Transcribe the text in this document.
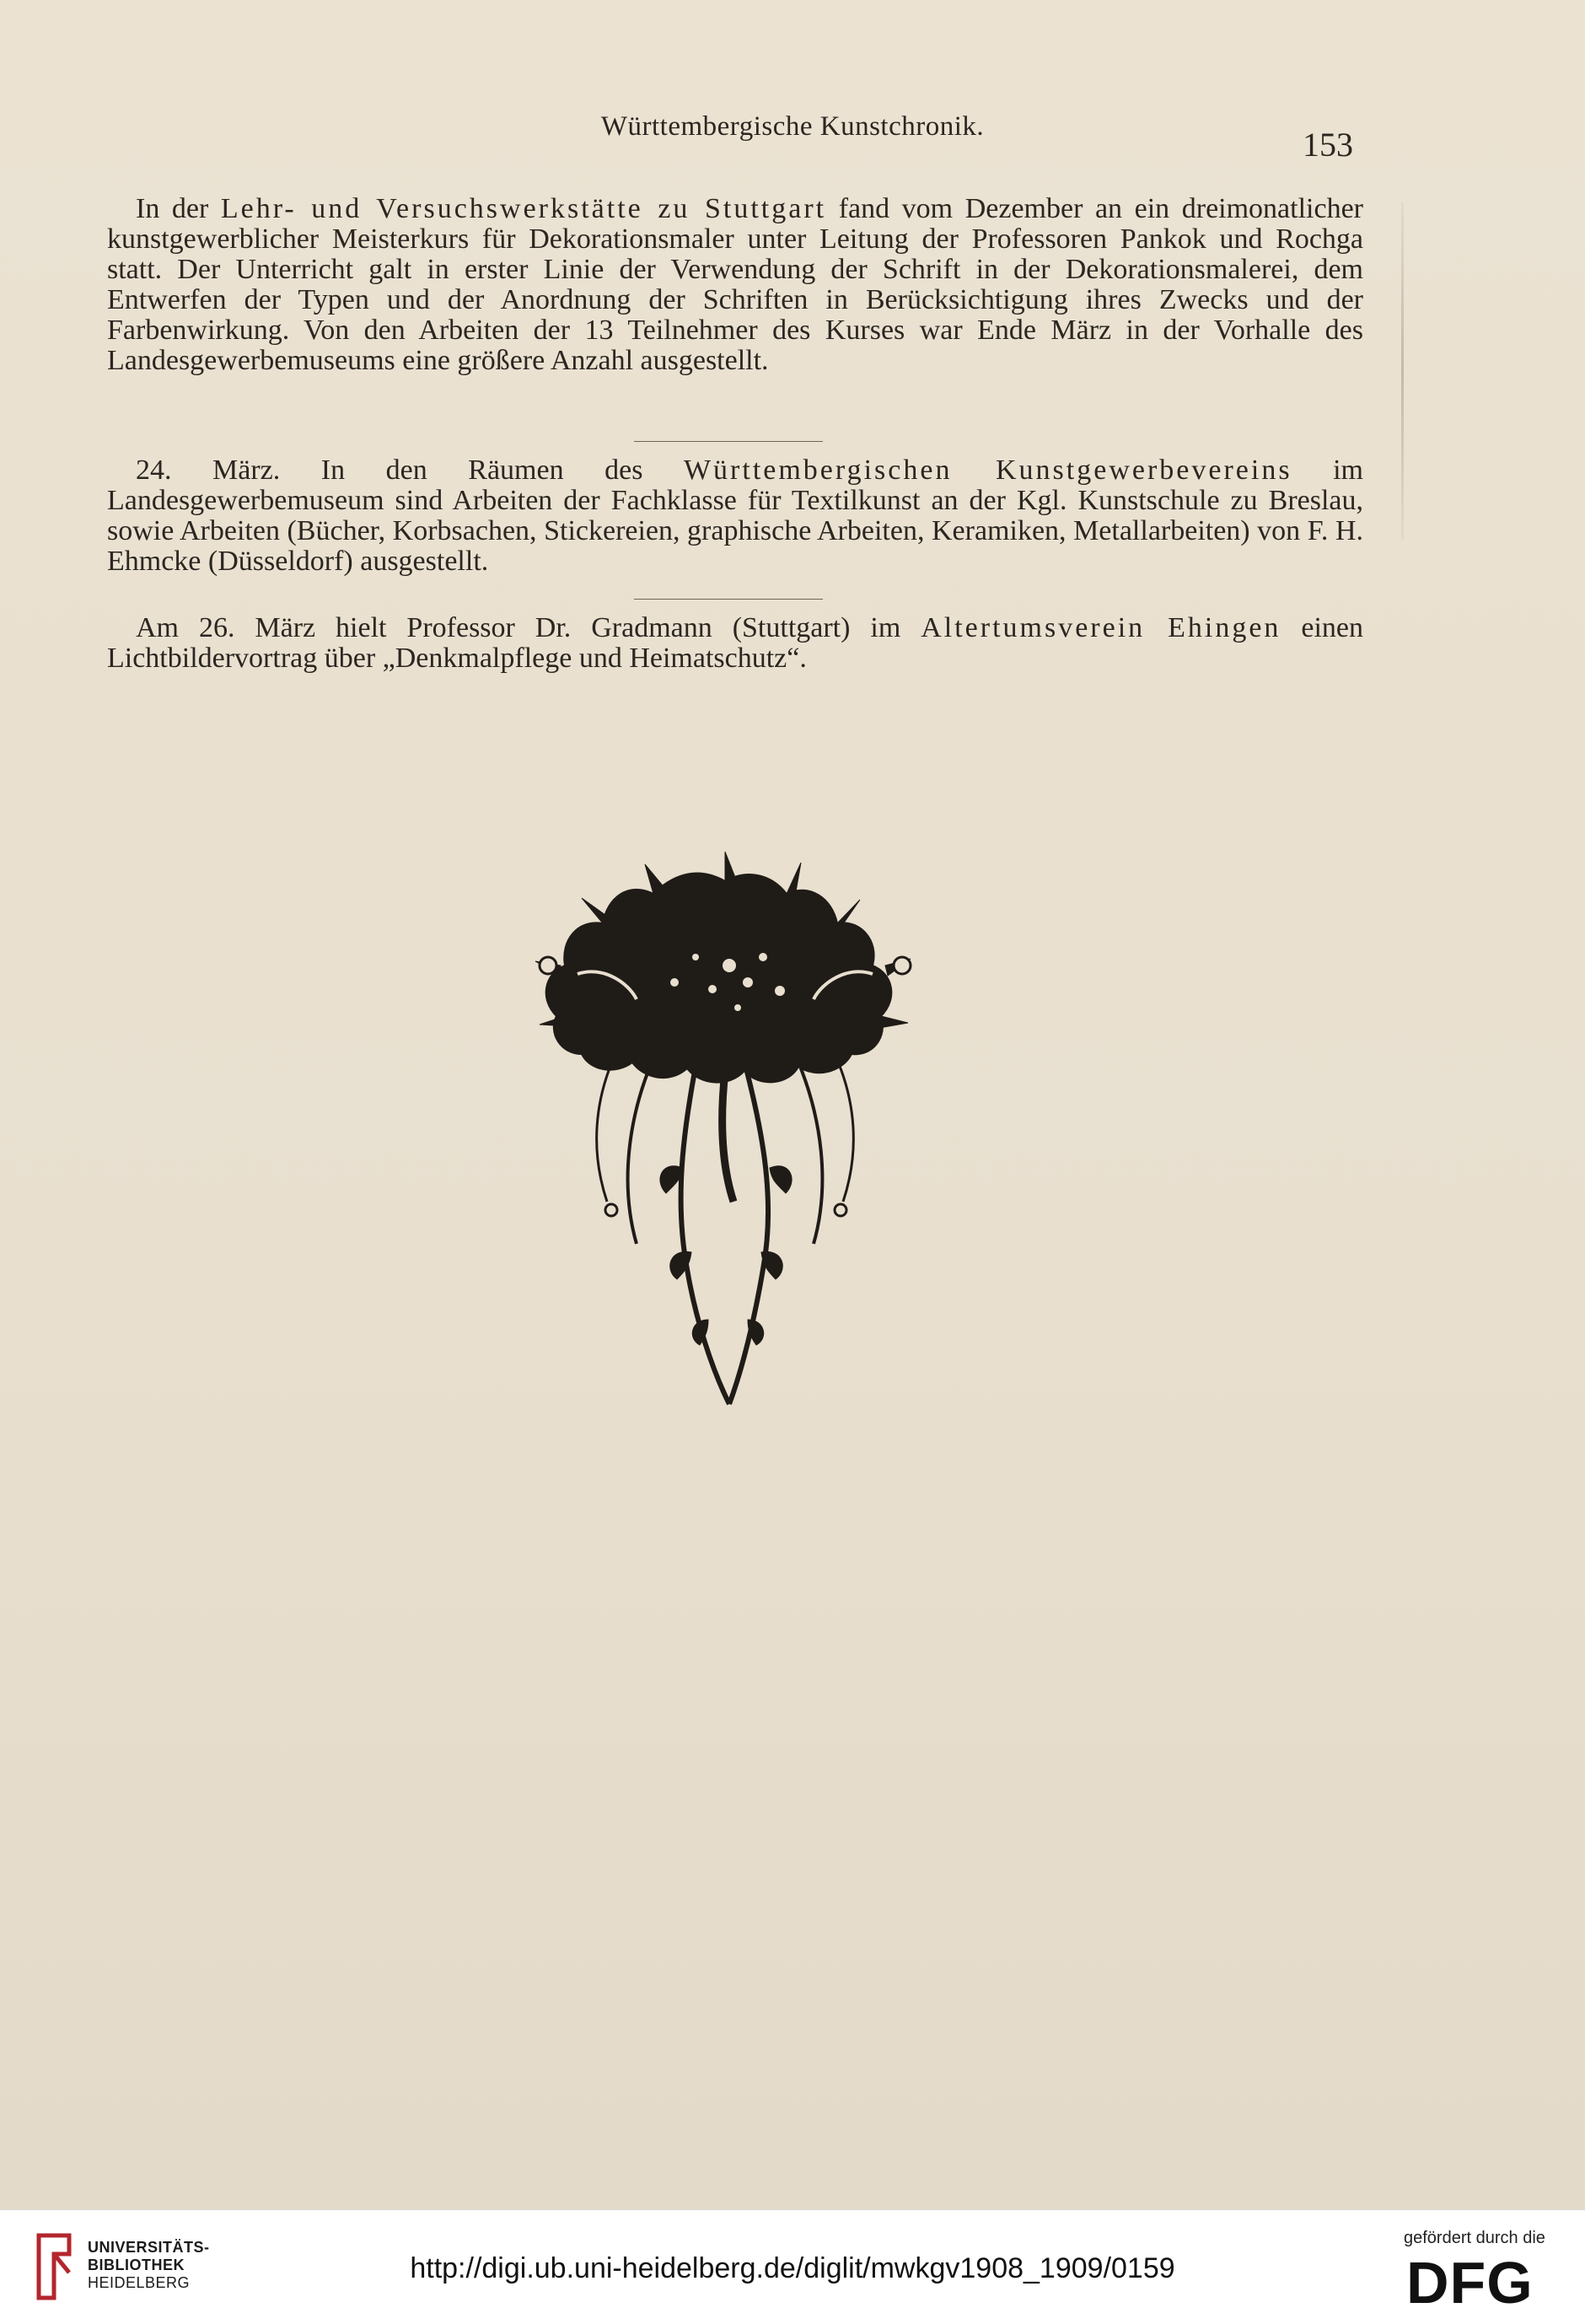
Württembergische Kunstchronik.	153

In der Lehr- und Versuchswerkstätte zu Stuttgart fand vom Dezember an ein dreimonatlicher kunstgewerblicher Meisterkurs für Dekorationsmaler unter Leitung der Professoren Pankok und Rochga statt. Der Unterricht galt in erster Linie der Verwendung der Schrift in der Dekorationsmalerei, dem Entwerfen der Typen und der Anordnung der Schriften in Berücksichtigung ihres Zwecks und der Farbenwirkung. Von den Arbeiten der 13 Teilnehmer des Kurses war Ende März in der Vorhalle des Landesgewerbemuseums eine größere Anzahl ausgestellt.

24. März. In den Räumen des Württembergischen Kunstgewerbevereins im Landesgewerbemuseum sind Arbeiten der Fachklasse für Textilkunst an der Kgl. Kunstschule zu Breslau, sowie Arbeiten (Bücher, Korbsachen, Stickereien, graphische Arbeiten, Keramiken, Metallarbeiten) von F. H. Ehmcke (Düsseldorf) ausgestellt.

Am 26. März hielt Professor Dr. Gradmann (Stuttgart) im Altertumsverein Ehingen einen Lichtbildervortrag über „Denkmalpflege und Heimatschutz“.

UNIVERSITÄTS-
BIBLIOTHEK
HEIDELBERG	http://digi.ub.uni-heidelberg.de/diglit/mwkgv1908_1909/0159
gefördert durch die
DFG
